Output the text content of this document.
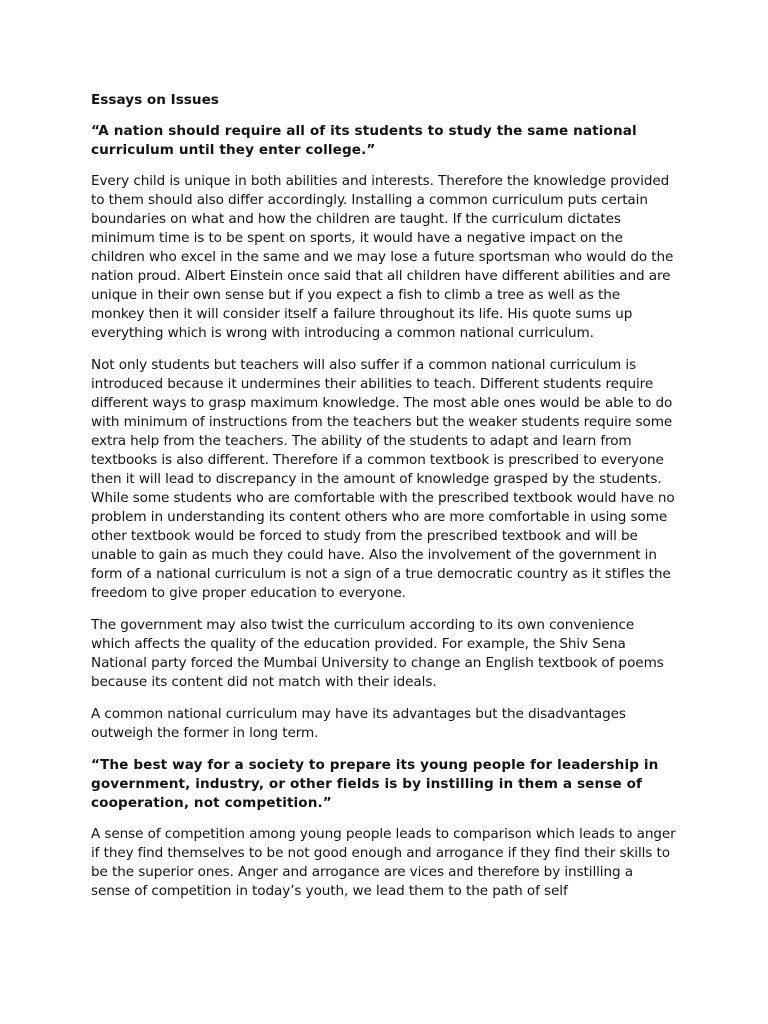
Essays on Issues
“A nation should require all of its students to study the same national curriculum until they enter college.”

Every child is unique in both abilities and interests. Therefore the knowledge provided to them should also differ accordingly. Installing a common curriculum puts certain boundaries on what and how the children are taught. If the curriculum dictates minimum time is to be spent on sports, it would have a negative impact on the children who excel in the same and we may lose a future sportsman who would do the nation proud. Albert Einstein once said that all children have different abilities and are unique in their own sense but if you expect a fish to climb a tree as well as the monkey then it will consider itself a failure throughout its life. His quote sums up everything which is wrong with introducing a common national curriculum.

Not only students but teachers will also suffer if a common national curriculum is introduced because it undermines their abilities to teach. Different students require different ways to grasp maximum knowledge. The most able ones would be able to do with minimum of instructions from the teachers but the weaker students require some extra help from the teachers. The ability of the students to adapt and learn from textbooks is also different. Therefore if a common textbook is prescribed to everyone then it will lead to discrepancy in the amount of knowledge grasped by the students. While some students who are comfortable with the prescribed textbook would have no problem in understanding its content others who are more comfortable in using some other textbook would be forced to study from the prescribed textbook and will be unable to gain as much they could have. Also the involvement of the government in form of a national curriculum is not a sign of a true democratic country as it stifles the freedom to give proper education to everyone.

The government may also twist the curriculum according to its own convenience which affects the quality of the education provided. For example, the Shiv Sena National party forced the Mumbai University to change an English textbook of poems because its content did not match with their ideals.

A common national curriculum may have its advantages but the disadvantages outweigh the former in long term.

“The best way for a society to prepare its young people for leadership in government, industry, or other fields is by instilling in them a sense of cooperation, not competition.”

A sense of competition among young people leads to comparison which leads to anger if they find themselves to be not good enough and arrogance if they find their skills to be the superior ones. Anger and arrogance are vices and therefore by instilling a sense of competition in today’s youth, we lead them to the path of self
